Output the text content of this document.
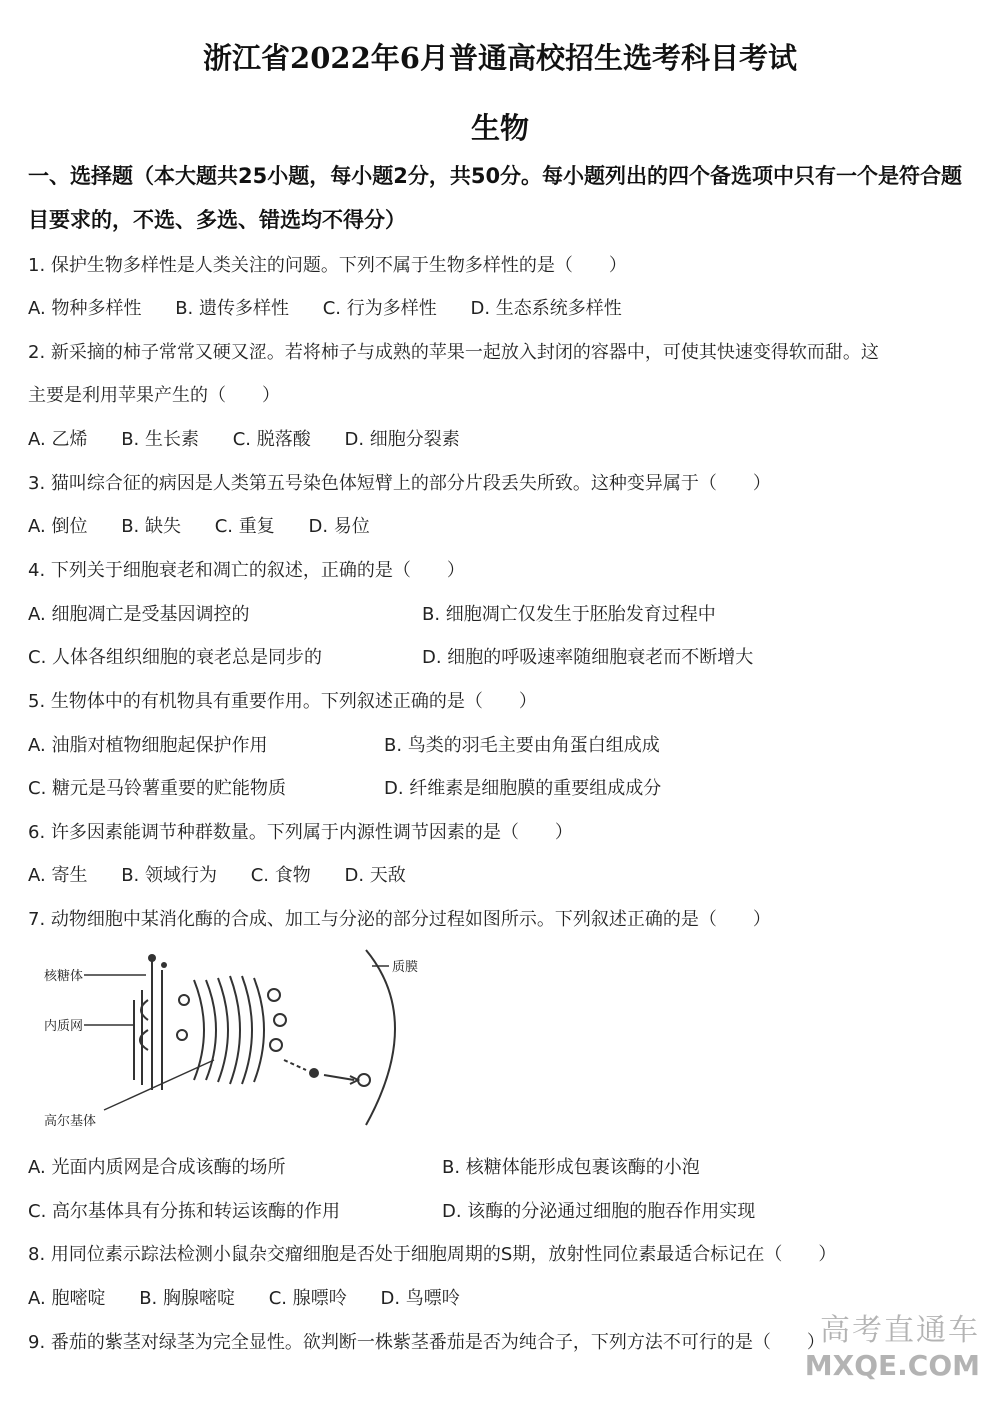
浙江省2022年6月普通高校招生选考科目考试
生物
一、选择题（本大题共25小题，每小题2分，共50分。每小题列出的四个备选项中只有一个是符合题目要求的，不选、多选、错选均不得分）
1. 保护生物多样性是人类关注的问题。下列不属于生物多样性的是（　　）
A. 物种多样性 B. 遗传多样性 C. 行为多样性 D. 生态系统多样性
2. 新采摘的柿子常常又硬又涩。若将柿子与成熟的苹果一起放入封闭的容器中，可使其快速变得软而甜。这
主要是利用苹果产生的（　　）
A. 乙烯 B. 生长素 C. 脱落酸 D. 细胞分裂素
3. 猫叫综合征的病因是人类第五号染色体短臂上的部分片段丢失所致。这种变异属于（　　）
A. 倒位 B. 缺失 C. 重复 D. 易位
4. 下列关于细胞衰老和凋亡的叙述，正确的是（　　）
A. 细胞凋亡是受基因调控的	B. 细胞凋亡仅发生于胚胎发育过程中
C. 人体各组织细胞的衰老总是同步的	D. 细胞的呼吸速率随细胞衰老而不断增大
5. 生物体中的有机物具有重要作用。下列叙述正确的是（　　）
A. 油脂对植物细胞起保护作用	B. 鸟类的羽毛主要由角蛋白组成成
C. 糖元是马铃薯重要的贮能物质	D. 纤维素是细胞膜的重要组成成分
6. 许多因素能调节种群数量。下列属于内源性调节因素的是（　　）
A. 寄生 B. 领域行为 C. 食物 D. 天敌
7. 动物细胞中某消化酶的合成、加工与分泌的部分过程如图所示。下列叙述正确的是（　　）
核糖体
内质网
高尔基体
质膜
A. 光面内质网是合成该酶的场所	B. 核糖体能形成包裹该酶的小泡
C. 高尔基体具有分拣和转运该酶的作用	D. 该酶的分泌通过细胞的胞吞作用实现
8. 用同位素示踪法检测小鼠杂交瘤细胞是否处于细胞周期的S期，放射性同位素最适合标记在（　　）
A. 胞嘧啶 B. 胸腺嘧啶 C. 腺嘌呤 D. 鸟嘌呤
9. 番茄的紫茎对绿茎为完全显性。欲判断一株紫茎番茄是否为纯合子，下列方法不可行的是（　　）
高考直通车
MXQE.COM
